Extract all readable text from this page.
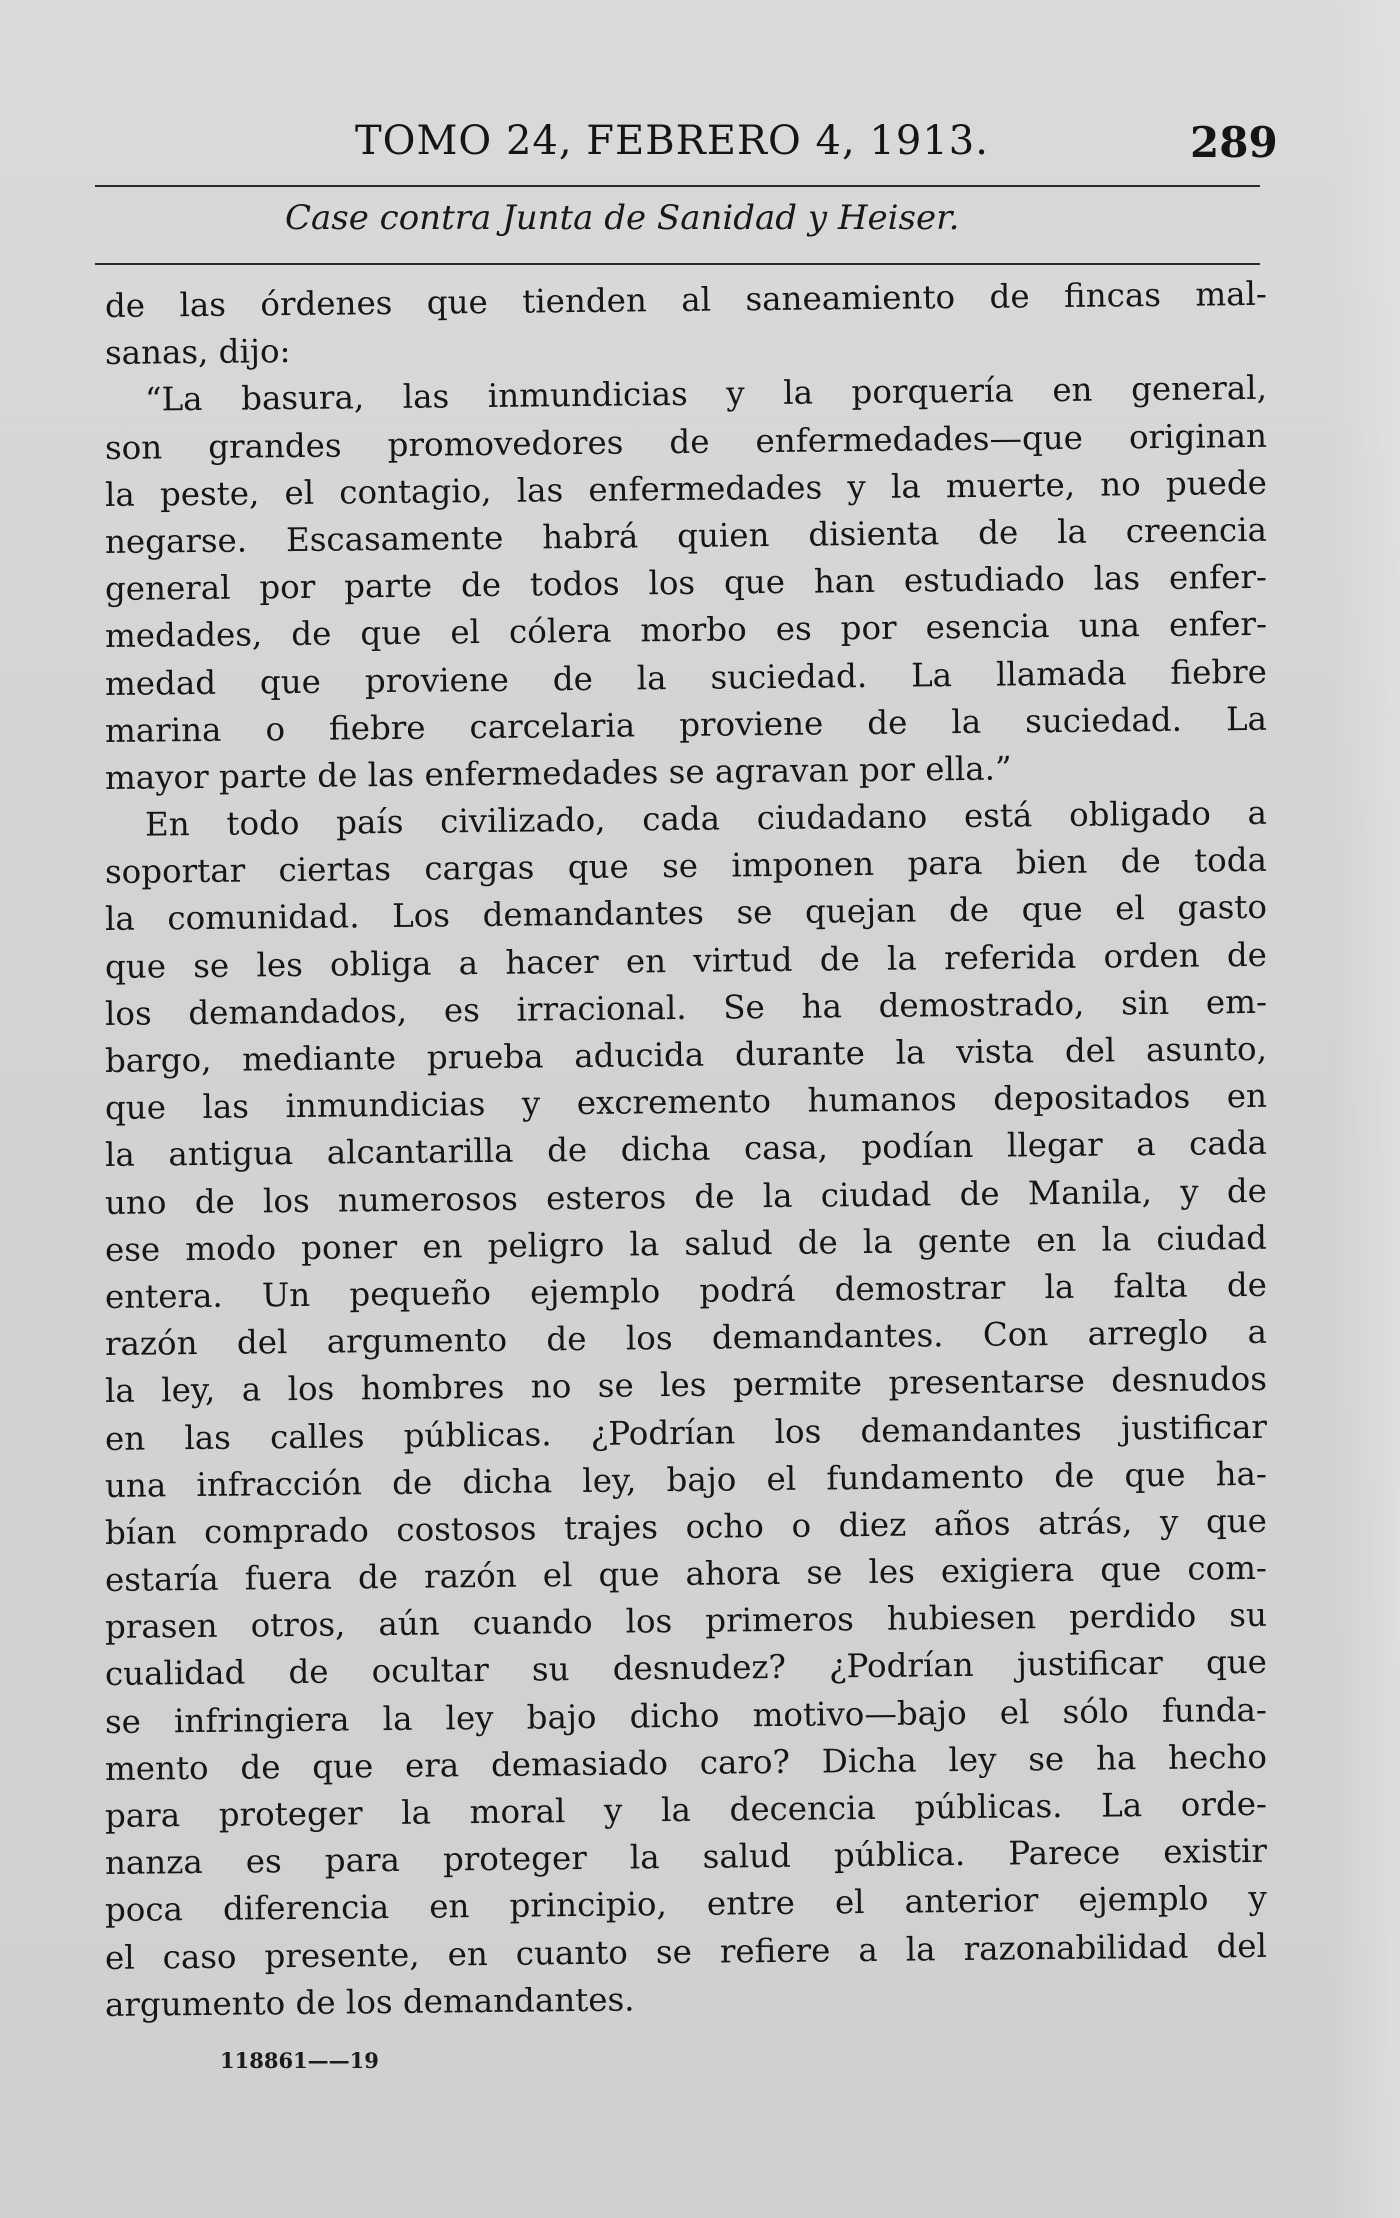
TOMO 24, FEBRERO 4, 1913.	289
Case contra Junta de Sanidad y Heiser.
de las órdenes que tienden al saneamiento de fincas mal-
sanas, dijo:
“La basura, las inmundicias y la porquería en general,
son grandes promovedores de enfermedades—que originan
la peste, el contagio, las enfermedades y la muerte, no puede
negarse. Escasamente habrá quien disienta de la creencia
general por parte de todos los que han estudiado las enfer-
medades, de que el cólera morbo es por esencia una enfer-
medad que proviene de la suciedad. La llamada fiebre
marina o fiebre carcelaria proviene de la suciedad. La
mayor parte de las enfermedades se agravan por ella.”
En todo país civilizado, cada ciudadano está obligado a
soportar ciertas cargas que se imponen para bien de toda
la comunidad. Los demandantes se quejan de que el gasto
que se les obliga a hacer en virtud de la referida orden de
los demandados, es irracional. Se ha demostrado, sin em-
bargo, mediante prueba aducida durante la vista del asunto,
que las inmundicias y excremento humanos depositados en
la antigua alcantarilla de dicha casa, podían llegar a cada
uno de los numerosos esteros de la ciudad de Manila, y de
ese modo poner en peligro la salud de la gente en la ciudad
entera. Un pequeño ejemplo podrá demostrar la falta de
razón del argumento de los demandantes. Con arreglo a
la ley, a los hombres no se les permite presentarse desnudos
en las calles públicas. ¿Podrían los demandantes justificar
una infracción de dicha ley, bajo el fundamento de que ha-
bían comprado costosos trajes ocho o diez años atrás, y que
estaría fuera de razón el que ahora se les exigiera que com-
prasen otros, aún cuando los primeros hubiesen perdido su
cualidad de ocultar su desnudez? ¿Podrían justificar que
se infringiera la ley bajo dicho motivo—bajo el sólo funda-
mento de que era demasiado caro? Dicha ley se ha hecho
para proteger la moral y la decencia públicas. La orde-
nanza es para proteger la salud pública. Parece existir
poca diferencia en principio, entre el anterior ejemplo y
el caso presente, en cuanto se refiere a la razonabilidad del
argumento de los demandantes.
118861——19
